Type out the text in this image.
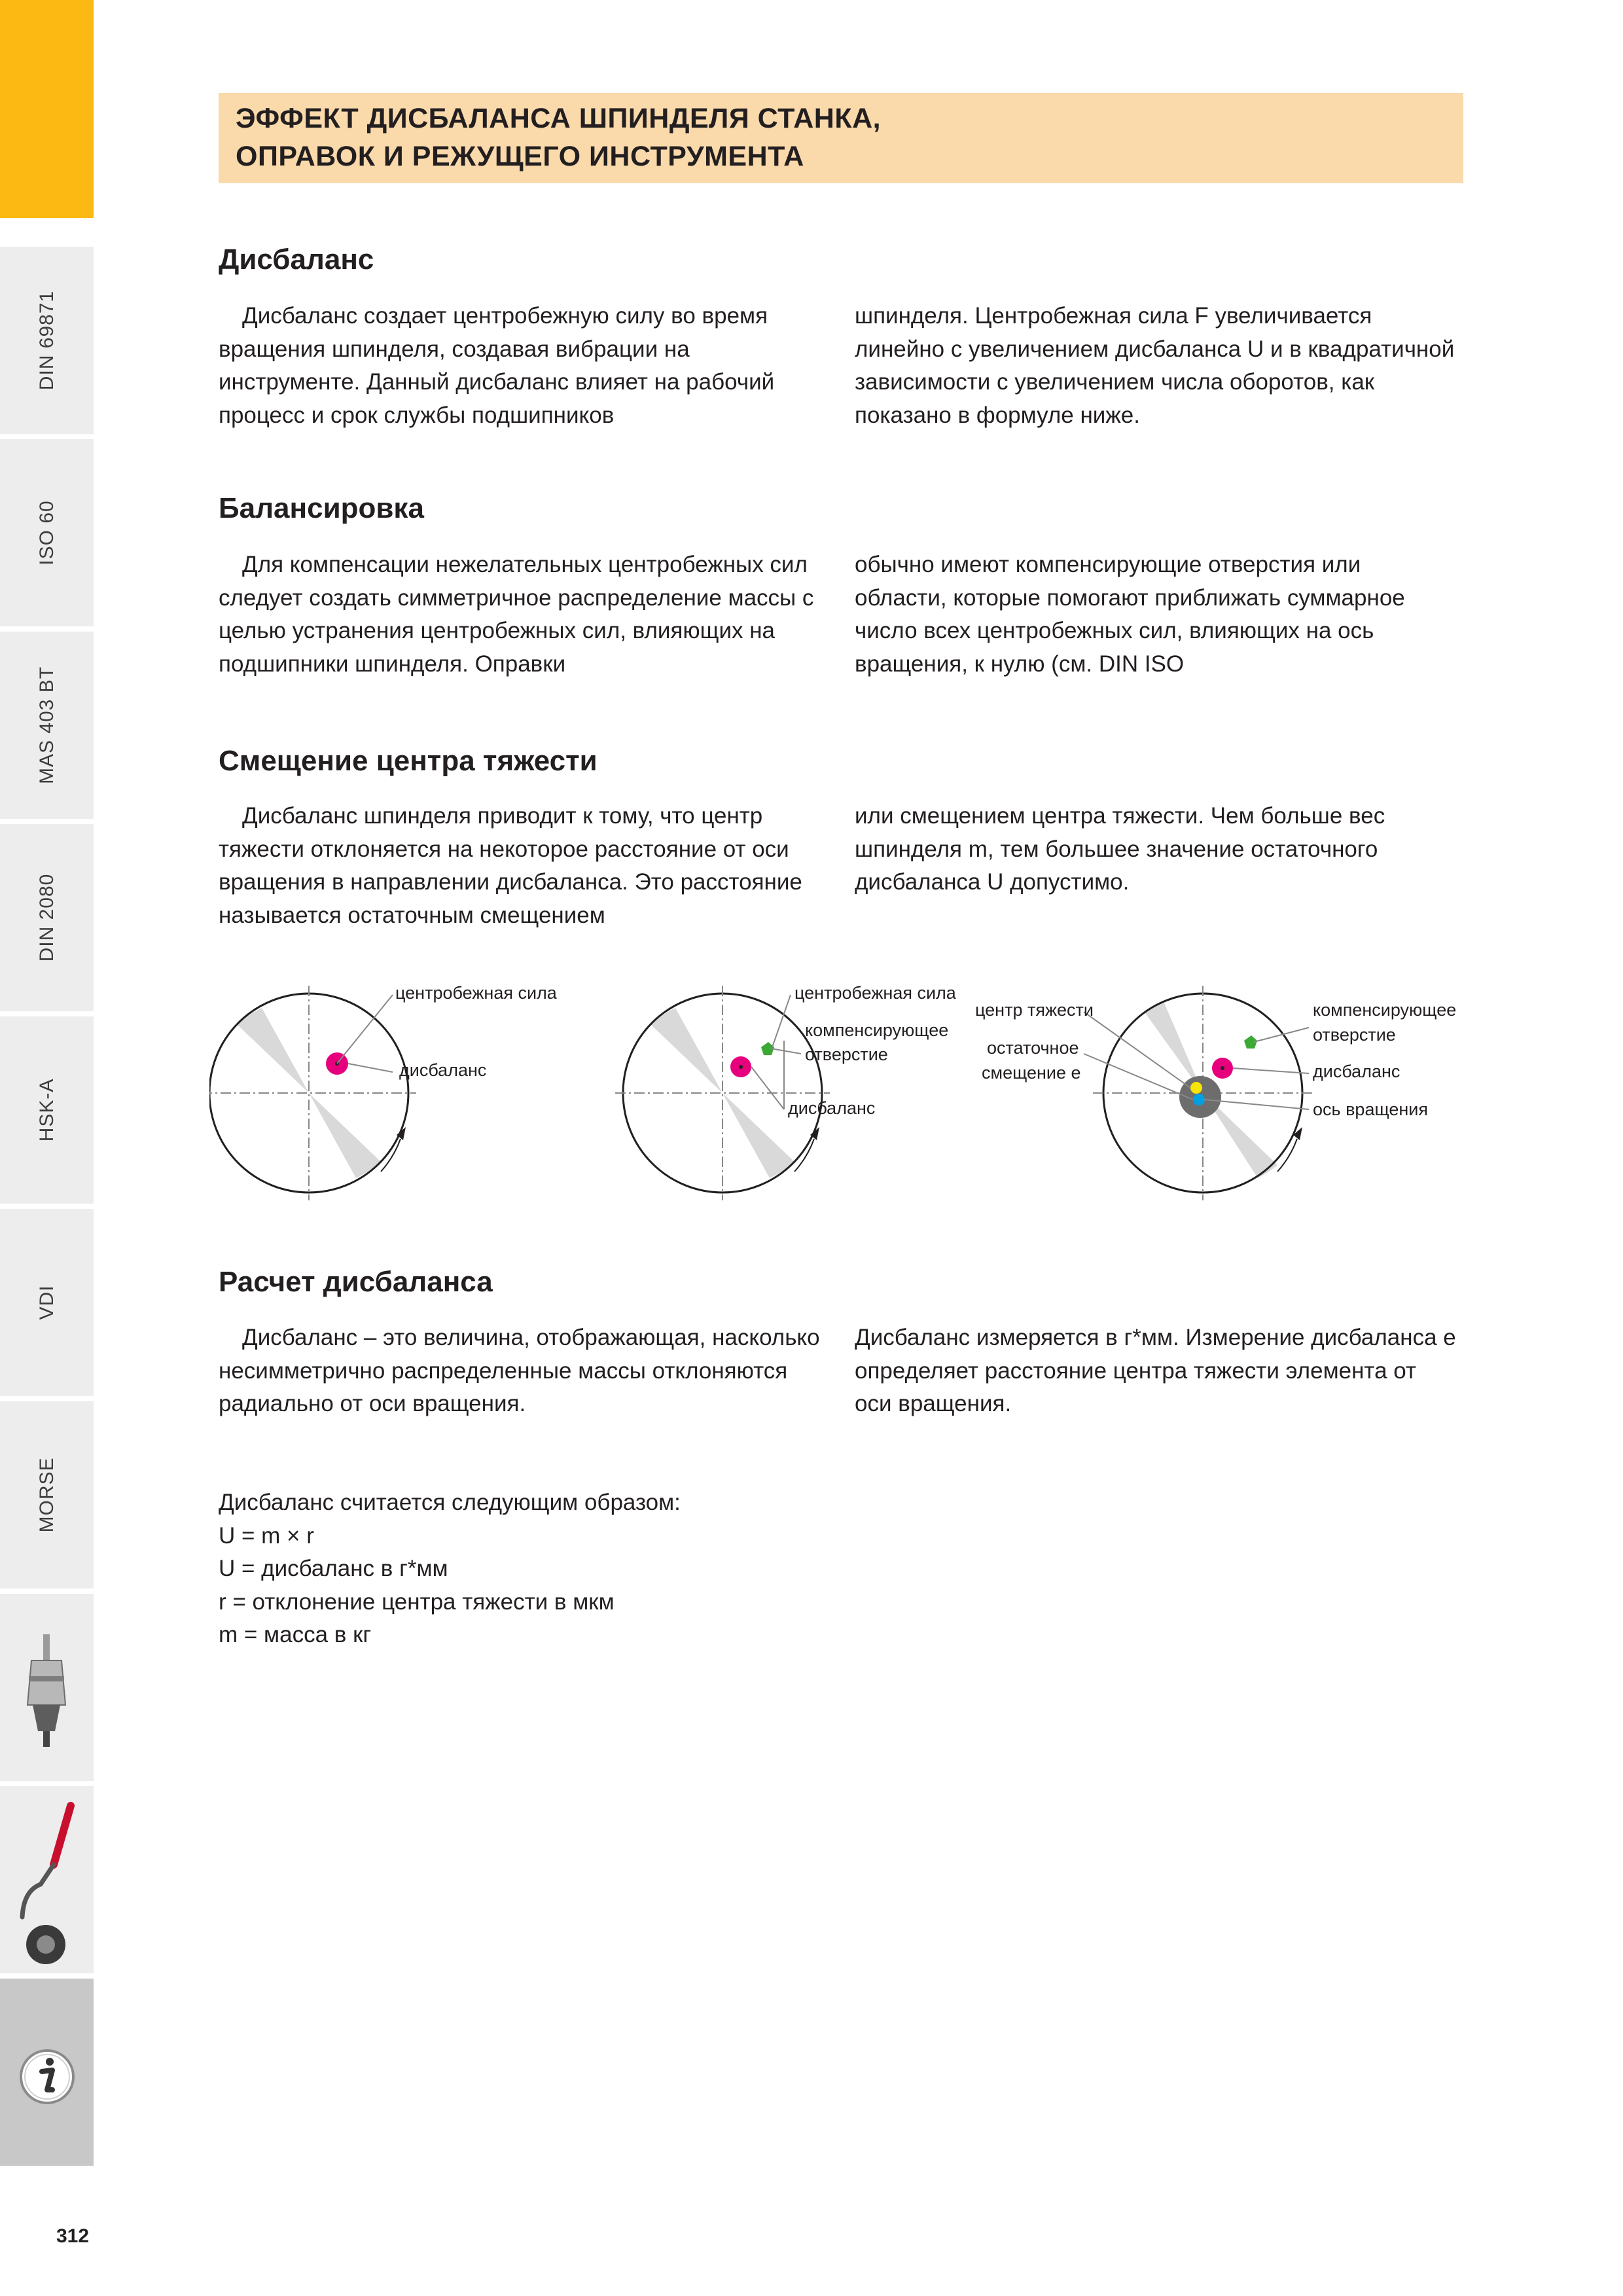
DIN 69871
ISO 60
MAS 403 BT
DIN 2080
HSK-A
VDI
MORSE
ЭФФЕКТ ДИСБАЛАНСА ШПИНДЕЛЯ СТАНКА,
ОПРАВОК И РЕЖУЩЕГО ИНСТРУМЕНТА
Дисбаланс

Дисбаланс создает центробежную силу во время вращения шпинделя, создавая вибрации на инструменте. Данный дисбаланс влияет на рабочий процесс и срок службы подшипников

шпинделя. Центробежная сила F увеличивается линейно с увеличением дисбаланса U и в квадратичной зависимости с увеличением числа оборотов, как показано в формуле ниже.

Балансировка

Для компенсации нежелательных центробежных сил следует создать симметричное распределение массы с целью устранения центробежных сил, влияющих на подшипники шпинделя. Оправки

обычно имеют компенсирующие отверстия или области, которые помогают приближать суммарное число всех центробежных сил, влияющих на ось вращения, к нулю (см. DIN ISO

Смещение центра тяжести

Дисбаланс шпинделя приводит к тому, что центр тяжести отклоняется на некоторое расстояние от оси вращения в направлении дисбаланса. Это расстояние называется остаточным смещением

или смещением центра тяжести. Чем больше вес шпинделя m, тем большее значение остаточного дисбаланса U допустимо.

центробежная сила
дисбаланс
центробежная сила
компенсирующее
отверстие
дисбаланс
центр тяжести
остаточное
смещение е
компенсирующее
отверстие
дисбаланс
ось вращения
Расчет дисбаланса

Дисбаланс – это величина, отображающая, насколько несимметрично распределенные массы отклоняются радиально от оси вращения.

Дисбаланс измеряется в г*мм. Измерение дисбаланса е определяет расстояние центра тяжести элемента от оси вращения.

Дисбаланс считается следующим образом:
U = m × r
U = дисбаланс в г*мм
r = отклонение центра тяжести в мкм
m = масса в кг
312
